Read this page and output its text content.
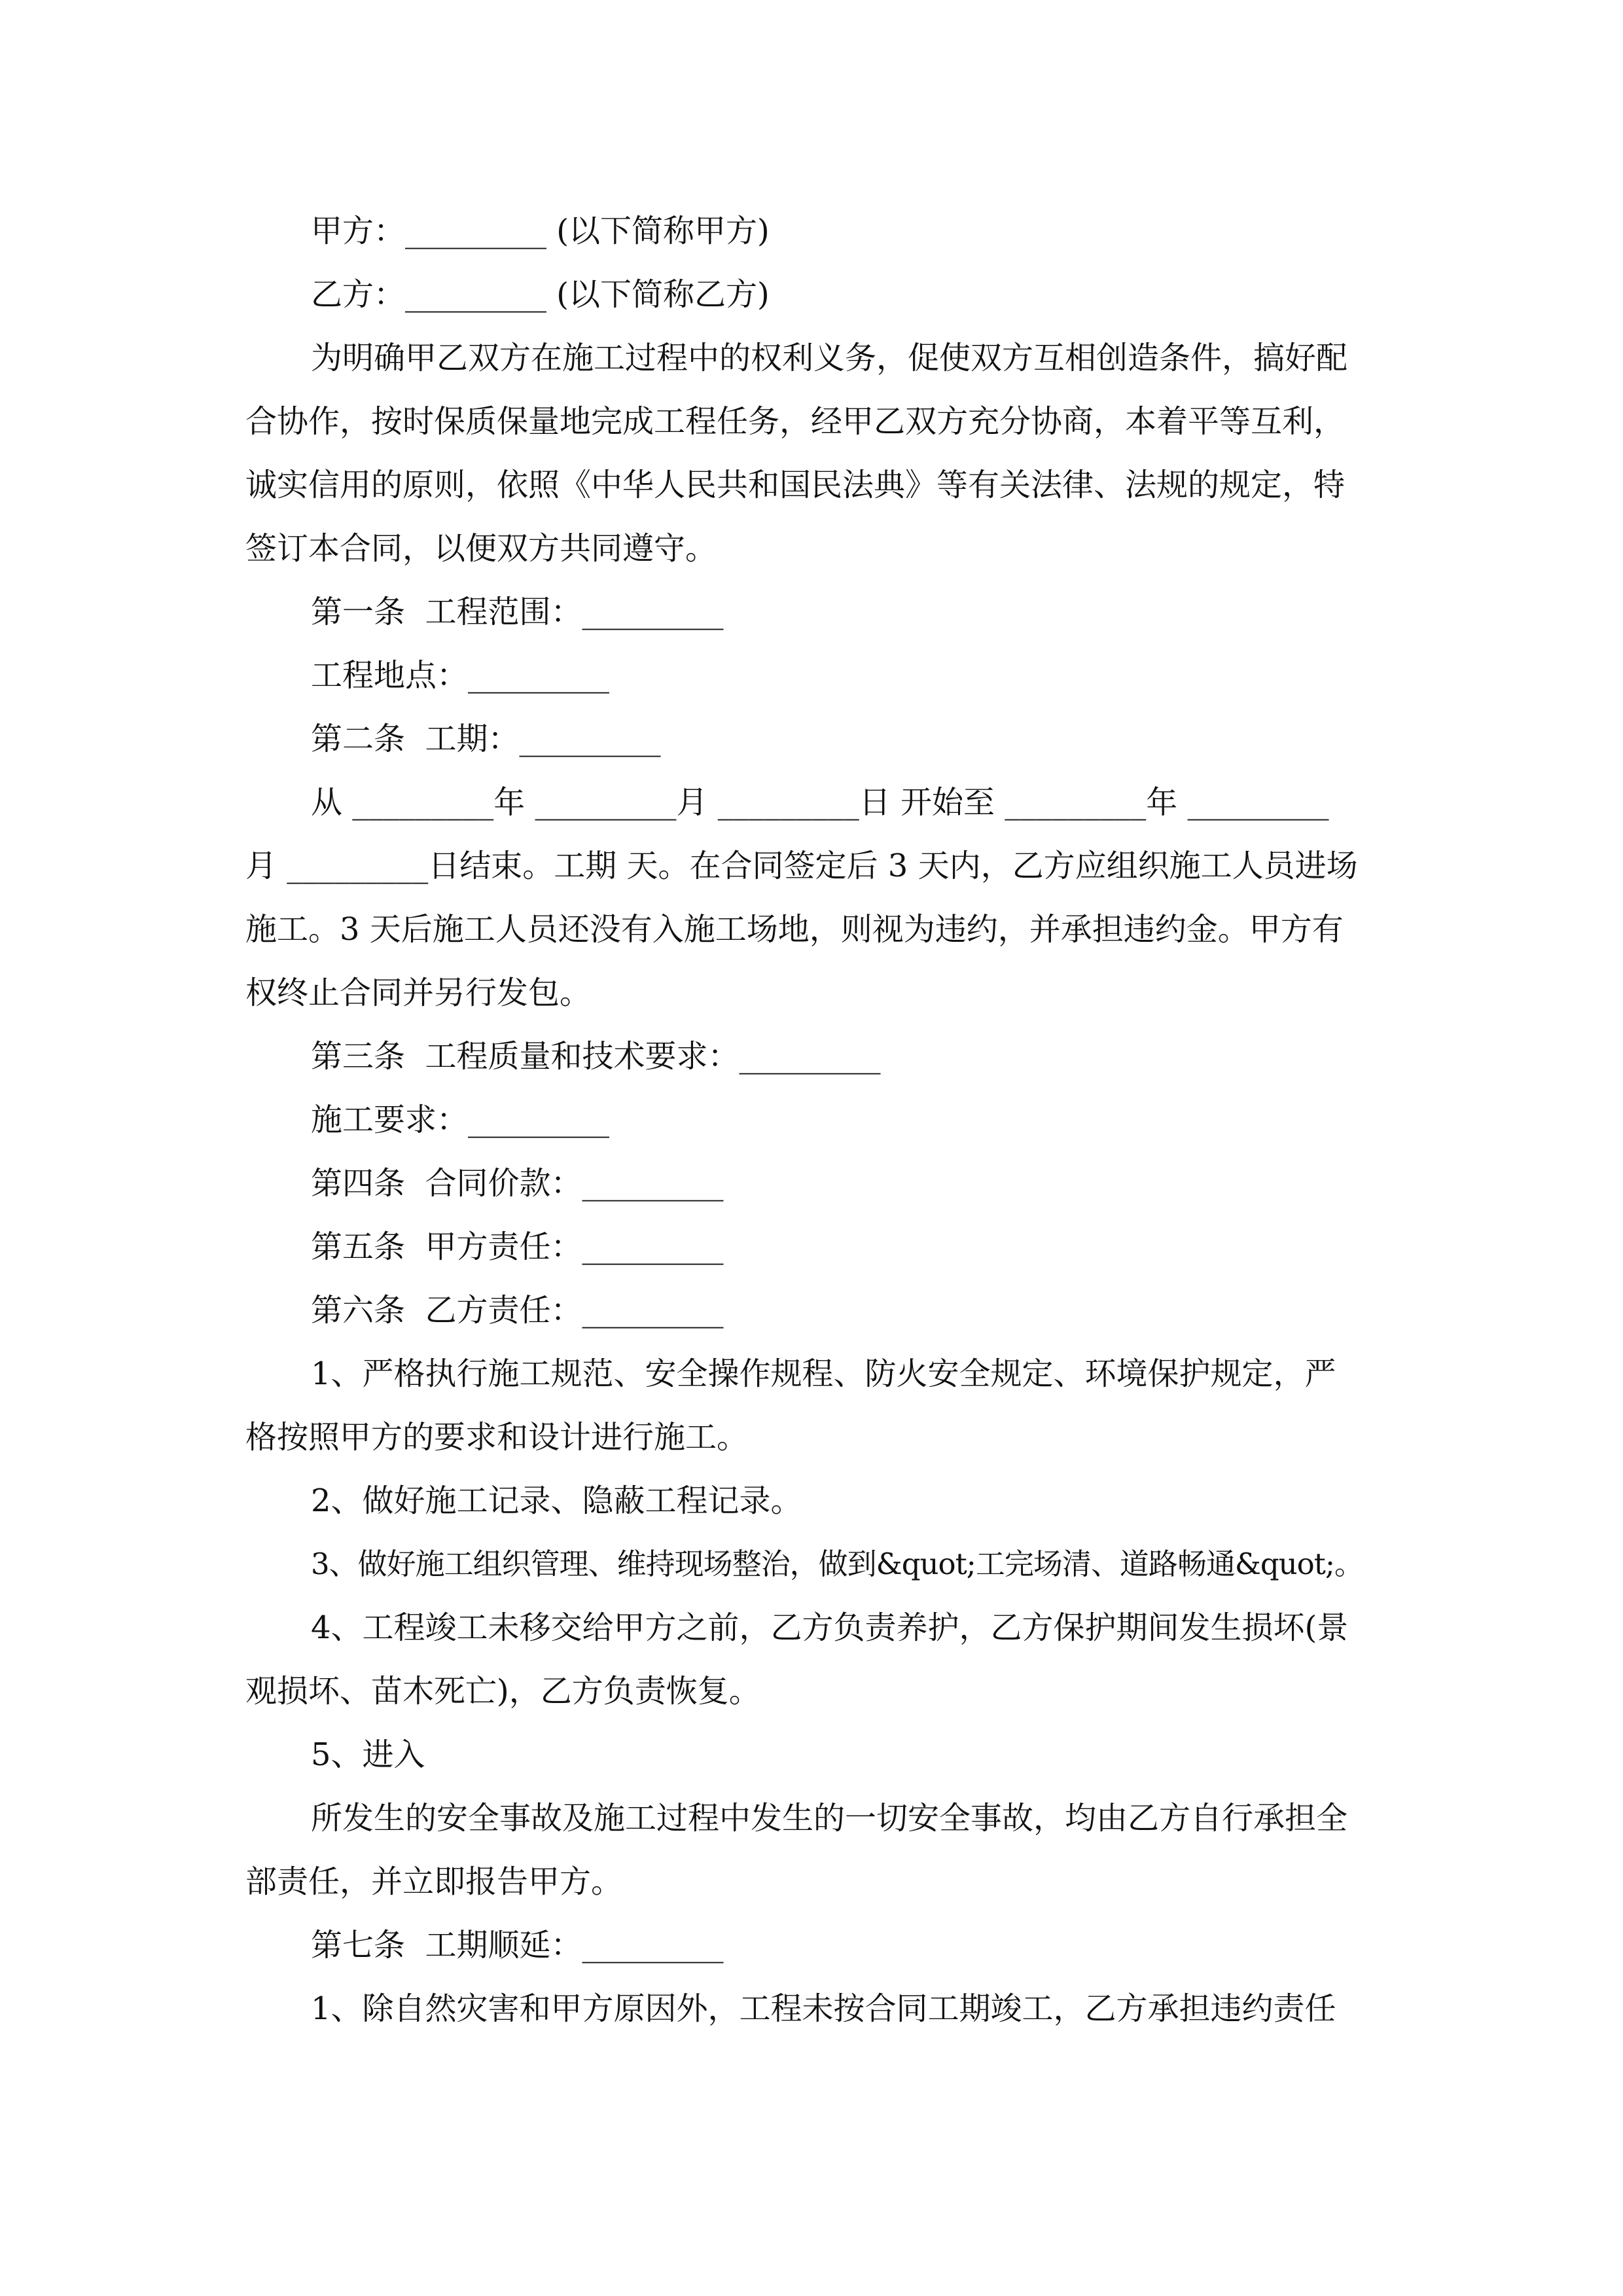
甲方：_________ (以下简称甲方)
乙方：_________ (以下简称乙方)
为明确甲乙双方在施工过程中的权利义务，促使双方互相创造条件，搞好配
合协作，按时保质保量地完成工程任务，经甲乙双方充分协商，本着平等互利，
诚实信用的原则，依照《中华人民共和国民法典》等有关法律、法规的规定，特
签订本合同，以便双方共同遵守。
第一条  工程范围：_________
工程地点：_________
第二条  工期：_________
从 _________年 _________月 _________日 开始至 _________年 _________
月 _________日结束。工期 天。在合同签定后 3 天内，乙方应组织施工人员进场
施工。3 天后施工人员还没有入施工场地，则视为违约，并承担违约金。甲方有
权终止合同并另行发包。
第三条  工程质量和技术要求：_________
施工要求：_________
第四条  合同价款：_________
第五条  甲方责任：_________
第六条  乙方责任：_________
1、严格执行施工规范、安全操作规程、防火安全规定、环境保护规定，严
格按照甲方的要求和设计进行施工。
2、做好施工记录、隐蔽工程记录。
3、做好施工组织管理、维持现场整治，做到&quot;工完场清、道路畅通&quot;。
4、工程竣工未移交给甲方之前，乙方负责养护，乙方保护期间发生损坏(景
观损坏、苗木死亡)，乙方负责恢复。
5、进入
所发生的安全事故及施工过程中发生的一切安全事故，均由乙方自行承担全
部责任，并立即报告甲方。
第七条  工期顺延：_________
1、除自然灾害和甲方原因外，工程未按合同工期竣工，乙方承担违约责任
